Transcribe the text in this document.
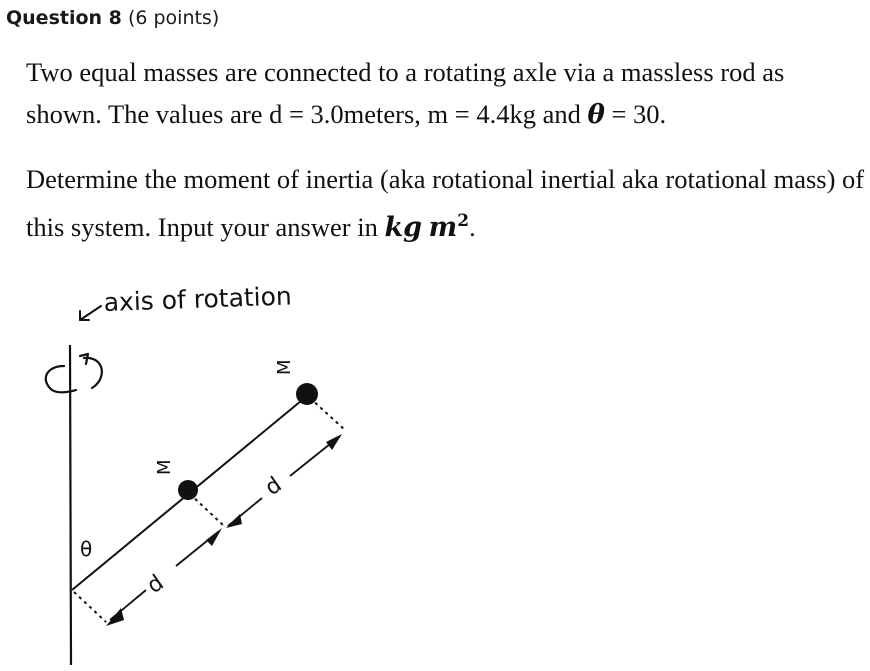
Question 8 (6 points)
Two equal masses are connected to a rotating axle via a massless rod as shown. The values are d = 3.0meters, m = 4.4kg and θ = 30.
Determine the moment of inertia (aka rotational inertial aka rotational mass) of this system. Input your answer in kg $m^2$.
axis of rotation
M
M
θ
d
d
